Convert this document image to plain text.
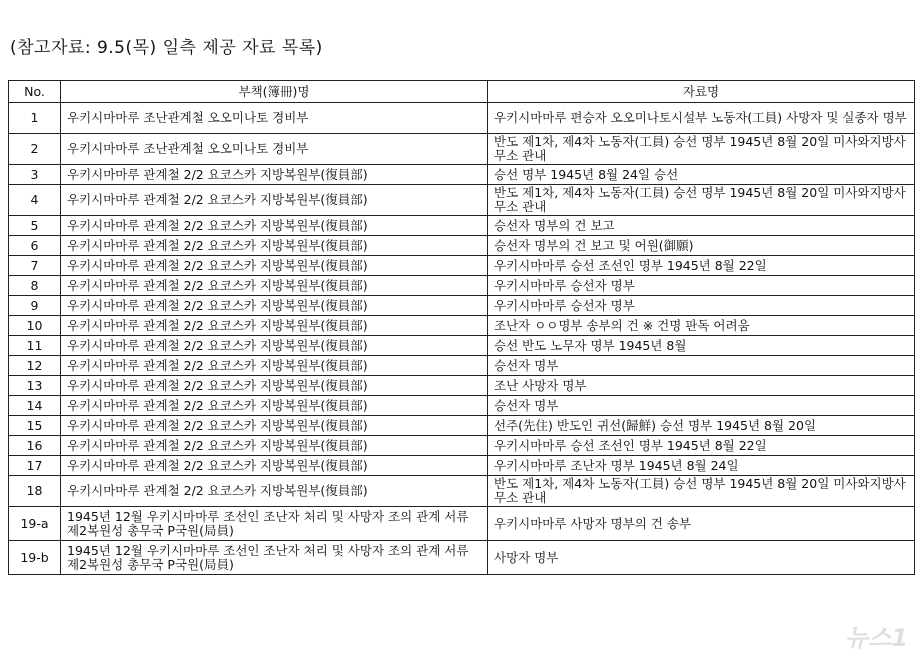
(참고자료: 9.5(목) 일측 제공 자료 목록)
No.	부책(簿冊)명	자료명

1	우키시마마루 조난관계철 오오미나토 경비부	우키시마마루 편승자 오오미나토시설부 노동자(工員) 사망자 및 실종자 명부

2	우키시마마루 조난관계철 오오미나토 경비부	반도 제1차, 제4차 노동자(工員) 승선 명부 1945년 8월 20일 미사와지방사무소 관내

3	우키시마마루 관계철 2/2 요코스카 지방복원부(復員部)	승선 명부 1945년 8월 24일 승선

4	우키시마마루 관계철 2/2 요코스카 지방복원부(復員部)	반도 제1차, 제4차 노동자(工員) 승선 명부 1945년 8월 20일 미사와지방사무소 관내

5	우키시마마루 관계철 2/2 요코스카 지방복원부(復員部)	승선자 명부의 건 보고

6	우키시마마루 관계철 2/2 요코스카 지방복원부(復員部)	승선자 명부의 건 보고 및 어원(御願)

7	우키시마마루 관계철 2/2 요코스카 지방복원부(復員部)	우키시마마루 승선 조선인 명부 1945년 8월 22일

8	우키시마마루 관계철 2/2 요코스카 지방복원부(復員部)	우키시마마루 승선자 명부

9	우키시마마루 관계철 2/2 요코스카 지방복원부(復員部)	우키시마마루 승선자 명부

10	우키시마마루 관계철 2/2 요코스카 지방복원부(復員部)	조난자 ㅇㅇ명부 송부의 건 ※ 건명 판독 어려움

11	우키시마마루 관계철 2/2 요코스카 지방복원부(復員部)	승선 반도 노무자 명부 1945년 8월

12	우키시마마루 관계철 2/2 요코스카 지방복원부(復員部)	승선자 명부

13	우키시마마루 관계철 2/2 요코스카 지방복원부(復員部)	조난 사망자 명부

14	우키시마마루 관계철 2/2 요코스카 지방복원부(復員部)	승선자 명부

15	우키시마마루 관계철 2/2 요코스카 지방복원부(復員部)	선주(先住) 반도인 귀선(歸鮮) 승선 명부 1945년 8월 20일

16	우키시마마루 관계철 2/2 요코스카 지방복원부(復員部)	우키시마마루 승선 조선인 명부 1945년 8월 22일

17	우키시마마루 관계철 2/2 요코스카 지방복원부(復員部)	우키시마마루 조난자 명부 1945년 8월 24일

18	우키시마마루 관계철 2/2 요코스카 지방복원부(復員部)	반도 제1차, 제4차 노동자(工員) 승선 명부 1945년 8월 20일 미사와지방사무소 관내

19-a	1945년 12월 우키시마마루 조선인 조난자 처리 및 사망자 조의 관계 서류 제2복원성 총무국 P국원(局員)	우키시마마루 사망자 명부의 건 송부

19-b	1945년 12월 우키시마마루 조선인 조난자 처리 및 사망자 조의 관계 서류 제2복원성 총무국 P국원(局員)	사망자 명부
뉴스1
